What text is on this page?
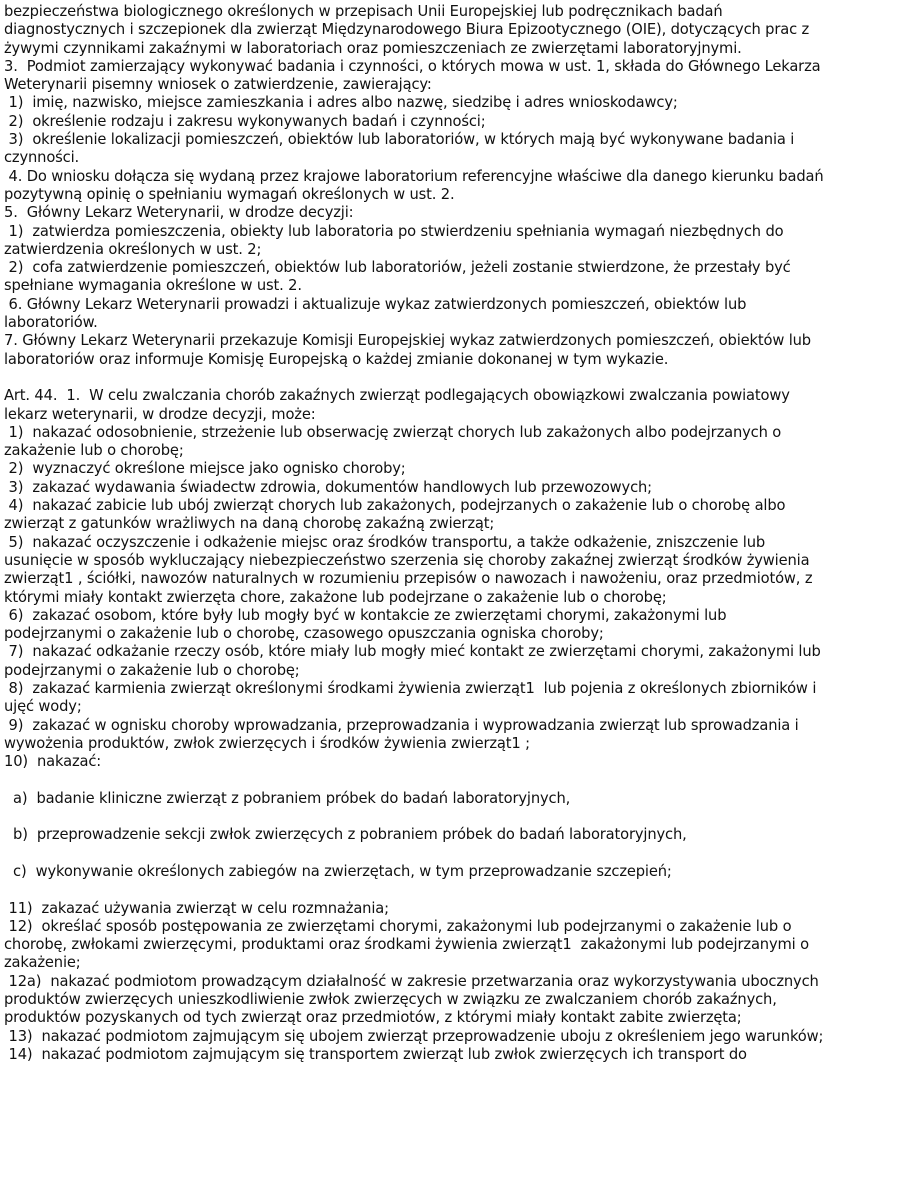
bezpieczeństwa biologicznego określonych w przepisach Unii Europejskiej lub podręcznikach badań
diagnostycznych i szczepionek dla zwierząt Międzynarodowego Biura Epizootycznego (OIE), dotyczących prac z
żywymi czynnikami zakaźnymi w laboratoriach oraz pomieszczeniach ze zwierzętami laboratoryjnymi.
3.  Podmiot zamierzający wykonywać badania i czynności, o których mowa w ust. 1, składa do Głównego Lekarza
Weterynarii pisemny wniosek o zatwierdzenie, zawierający:
1)  imię, nazwisko, miejsce zamieszkania i adres albo nazwę, siedzibę i adres wnioskodawcy;
2)  określenie rodzaju i zakresu wykonywanych badań i czynności;
3)  określenie lokalizacji pomieszczeń, obiektów lub laboratoriów, w których mają być wykonywane badania i
czynności.
4. Do wniosku dołącza się wydaną przez krajowe laboratorium referencyjne właściwe dla danego kierunku badań
pozytywną opinię o spełnianiu wymagań określonych w ust. 2.
5.  Główny Lekarz Weterynarii, w drodze decyzji:
1)  zatwierdza pomieszczenia, obiekty lub laboratoria po stwierdzeniu spełniania wymagań niezbędnych do
zatwierdzenia określonych w ust. 2;
2)  cofa zatwierdzenie pomieszczeń, obiektów lub laboratoriów, jeżeli zostanie stwierdzone, że przestały być
spełniane wymagania określone w ust. 2.
6. Główny Lekarz Weterynarii prowadzi i aktualizuje wykaz zatwierdzonych pomieszczeń, obiektów lub
laboratoriów.
7. Główny Lekarz Weterynarii przekazuje Komisji Europejskiej wykaz zatwierdzonych pomieszczeń, obiektów lub
laboratoriów oraz informuje Komisję Europejską o każdej zmianie dokonanej w tym wykazie.
Art. 44.  1.  W celu zwalczania chorób zakaźnych zwierząt podlegających obowiązkowi zwalczania powiatowy
lekarz weterynarii, w drodze decyzji, może:
1)  nakazać odosobnienie, strzeżenie lub obserwację zwierząt chorych lub zakażonych albo podejrzanych o
zakażenie lub o chorobę;
2)  wyznaczyć określone miejsce jako ognisko choroby;
3)  zakazać wydawania świadectw zdrowia, dokumentów handlowych lub przewozowych;
4)  nakazać zabicie lub ubój zwierząt chorych lub zakażonych, podejrzanych o zakażenie lub o chorobę albo
zwierząt z gatunków wrażliwych na daną chorobę zakaźną zwierząt;
5)  nakazać oczyszczenie i odkażenie miejsc oraz środków transportu, a także odkażenie, zniszczenie lub
usunięcie w sposób wykluczający niebezpieczeństwo szerzenia się choroby zakaźnej zwierząt środków żywienia
zwierząt1 , ściółki, nawozów naturalnych w rozumieniu przepisów o nawozach i nawożeniu, oraz przedmiotów, z
którymi miały kontakt zwierzęta chore, zakażone lub podejrzane o zakażenie lub o chorobę;
6)  zakazać osobom, które były lub mogły być w kontakcie ze zwierzętami chorymi, zakażonymi lub
podejrzanymi o zakażenie lub o chorobę, czasowego opuszczania ogniska choroby;
7)  nakazać odkażanie rzeczy osób, które miały lub mogły mieć kontakt ze zwierzętami chorymi, zakażonymi lub
podejrzanymi o zakażenie lub o chorobę;
8)  zakazać karmienia zwierząt określonymi środkami żywienia zwierząt1  lub pojenia z określonych zbiorników i
ujęć wody;
9)  zakazać w ognisku choroby wprowadzania, przeprowadzania i wyprowadzania zwierząt lub sprowadzania i
wywożenia produktów, zwłok zwierzęcych i środków żywienia zwierząt1 ;
10)  nakazać:
a)  badanie kliniczne zwierząt z pobraniem próbek do badań laboratoryjnych,
b)  przeprowadzenie sekcji zwłok zwierzęcych z pobraniem próbek do badań laboratoryjnych,
c)  wykonywanie określonych zabiegów na zwierzętach, w tym przeprowadzanie szczepień;
11)  zakazać używania zwierząt w celu rozmnażania;
12)  określać sposób postępowania ze zwierzętami chorymi, zakażonymi lub podejrzanymi o zakażenie lub o
chorobę, zwłokami zwierzęcymi, produktami oraz środkami żywienia zwierząt1  zakażonymi lub podejrzanymi o
zakażenie;
12a)  nakazać podmiotom prowadzącym działalność w zakresie przetwarzania oraz wykorzystywania ubocznych
produktów zwierzęcych unieszkodliwienie zwłok zwierzęcych w związku ze zwalczaniem chorób zakaźnych,
produktów pozyskanych od tych zwierząt oraz przedmiotów, z którymi miały kontakt zabite zwierzęta;
13)  nakazać podmiotom zajmującym się ubojem zwierząt przeprowadzenie uboju z określeniem jego warunków;
14)  nakazać podmiotom zajmującym się transportem zwierząt lub zwłok zwierzęcych ich transport do
